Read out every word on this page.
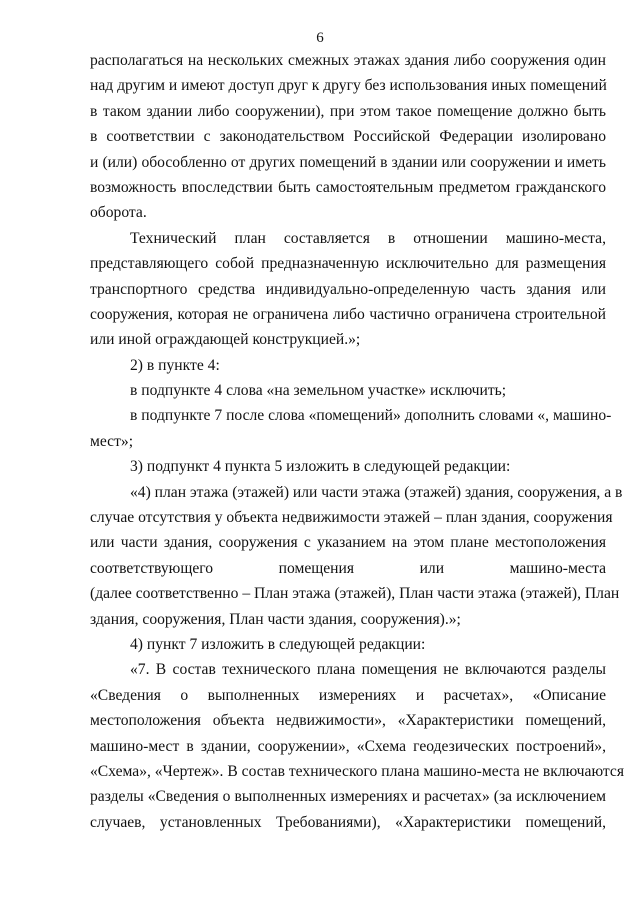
6
располагаться на нескольких смежных этажах здания либо сооружения один
над другим и имеют доступ друг к другу без использования иных помещений
в таком здании либо сооружении), при этом такое помещение должно быть
в соответствии с законодательством Российской Федерации изолировано
и (или) обособленно от других помещений в здании или сооружении и иметь
возможность впоследствии быть самостоятельным предметом гражданского
оборота.
Технический план составляется в отношении машино-места,
представляющего собой предназначенную исключительно для размещения
транспортного средства индивидуально-определенную часть здания или
сооружения, которая не ограничена либо частично ограничена строительной
или иной ограждающей конструкцией.»;
2) в пункте 4:
в подпункте 4 слова «на земельном участке» исключить;
в подпункте 7 после слова «помещений» дополнить словами «, машино-
мест»;
3) подпункт 4 пункта 5 изложить в следующей редакции:
«4) план этажа (этажей) или части этажа (этажей) здания, сооружения, а в
случае отсутствия у объекта недвижимости этажей – план здания, сооружения
или части здания, сооружения с указанием на этом плане местоположения
соответствующего помещения или машино-места
(далее соответственно – План этажа (этажей), План части этажа (этажей), План
здания, сооружения, План части здания, сооружения).»;
4) пункт 7 изложить в следующей редакции:
«7. В состав технического плана помещения не включаются разделы
«Сведения о выполненных измерениях и расчетах», «Описание
местоположения объекта недвижимости», «Характеристики помещений,
машино-мест в здании, сооружении», «Схема геодезических построений»,
«Схема», «Чертеж». В состав технического плана машино-места не включаются
разделы «Сведения о выполненных измерениях и расчетах» (за исключением
случаев, установленных Требованиями), «Характеристики помещений,
